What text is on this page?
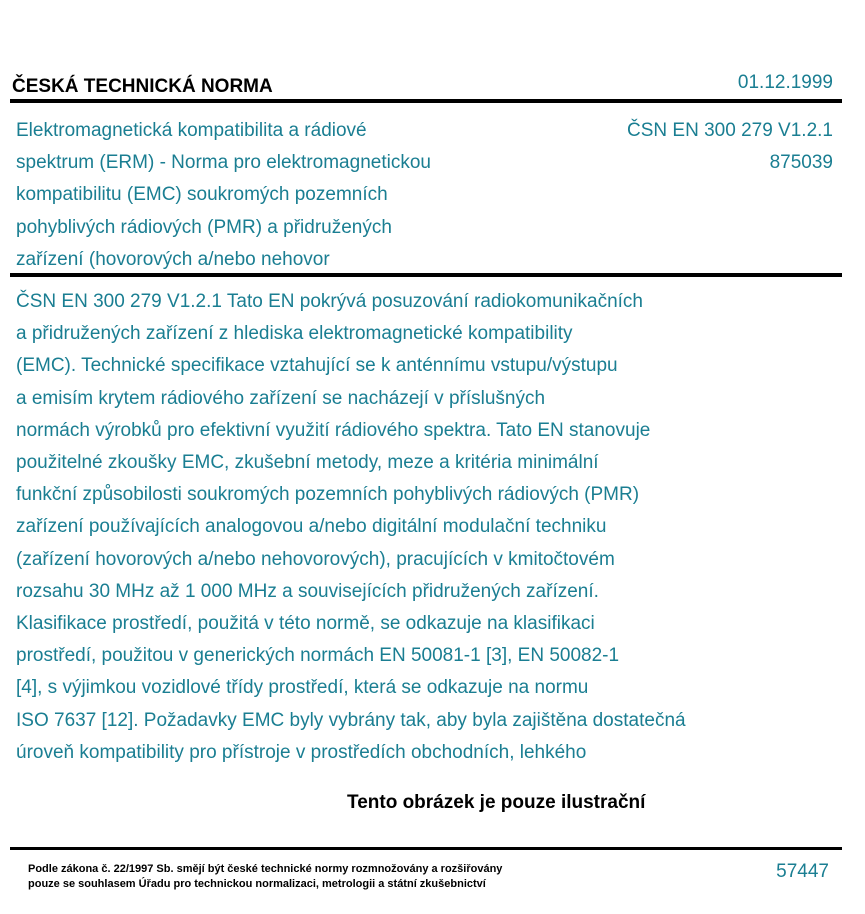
ČESKÁ TECHNICKÁ NORMA	01.12.1999
Elektromagnetická kompatibilita a rádiové
spektrum (ERM) - Norma pro elektromagnetickou
kompatibilitu (EMC) soukromých pozemních
pohyblivých rádiových (PMR) a přidružených
zařízení (hovorových a/nebo nehovor
ČSN EN 300 279 V1.2.1
875039
ČSN EN 300 279 V1.2.1 Tato EN pokrývá posuzování radiokomunikačních
a přidružených zařízení z hlediska elektromagnetické kompatibility
(EMC). Technické specifikace vztahující se k anténnímu vstupu/výstupu
a emisím krytem rádiového zařízení se nacházejí v příslušných
normách výrobků pro efektivní využití rádiového spektra. Tato EN stanovuje
použitelné zkoušky EMC, zkušební metody, meze a kritéria minimální
funkční způsobilosti soukromých pozemních pohyblivých rádiových (PMR)
zařízení používajících analogovou a/nebo digitální modulační techniku
(zařízení hovorových a/nebo nehovorových), pracujících v kmitočtovém
rozsahu 30 MHz až 1 000 MHz a souvisejících přidružených zařízení.
Klasifikace prostředí, použitá v této normě, se odkazuje na klasifikaci
prostředí, použitou v generických normách EN 50081-1 [3], EN 50082-1
[4], s výjimkou vozidlové třídy prostředí, která se odkazuje na normu
ISO 7637 [12]. Požadavky EMC byly vybrány tak, aby byla zajištěna dostatečná
úroveň kompatibility pro přístroje v prostředích obchodních, lehkého
Tento obrázek je pouze ilustrační
Podle zákona č. 22/1997 Sb. smějí být české technické normy rozmnožovány a rozšiřovány
pouze se souhlasem Úřadu pro technickou normalizaci, metrologii a státní zkušebnictví
57447
